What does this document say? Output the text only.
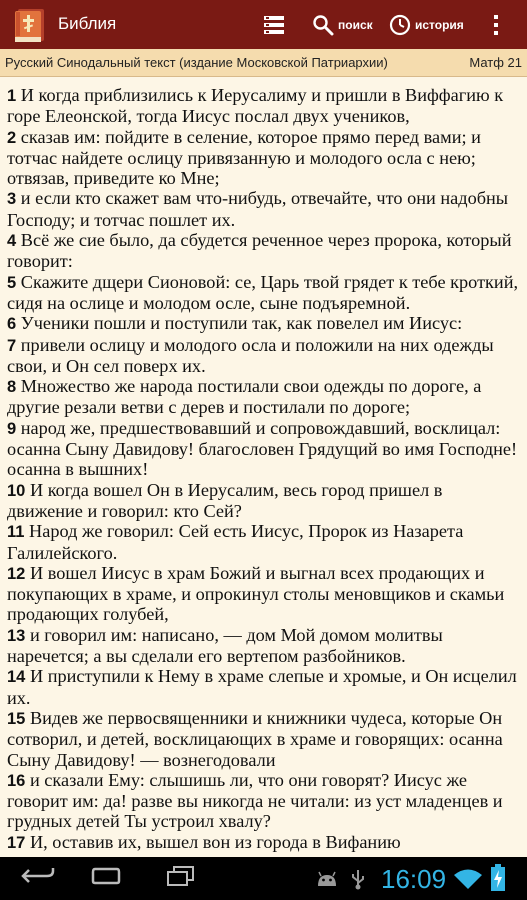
Библия	поиск	история
Русский Синодальный текст (издание Московской Патриархии)	Матф 21
1 И когда приблизились к Иерусалиму и пришли в Виффагию к горе Елеонской, тогда Иисус послал двух учеников,
2 сказав им: пойдите в селение, которое прямо перед вами; и тотчас найдете ослицу привязанную и молодого осла с нею; отвязав, приведите ко Мне;
3 и если кто скажет вам что-нибудь, отвечайте, что они надобны Господу; и тотчас пошлет их.
4 Всё же сие было, да сбудется реченное через пророка, который говорит:
5 Скажите дщери Сионовой: се, Царь твой грядет к тебе кроткий, сидя на ослице и молодом осле, сыне подъяремной.
6 Ученики пошли и поступили так, как повелел им Иисус:
7 привели ослицу и молодого осла и положили на них одежды свои, и Он сел поверх их.
8 Множество же народа постилали свои одежды по дороге, а другие резали ветви с дерев и постилали по дороге;
9 народ же, предшествовавший и сопровождавший, восклицал: осанна Сыну Давидову! благословен Грядущий во имя Господне! осанна в вышних!
10 И когда вошел Он в Иерусалим, весь город пришел в движение и говорил: кто Сей?
11 Народ же говорил: Сей есть Иисус, Пророк из Назарета Галилейского.
12 И вошел Иисус в храм Божий и выгнал всех продающих и покупающих в храме, и опрокинул столы меновщиков и скамьи продающих голубей,
13 и говорил им: написано, — дом Мой домом молитвы наречется; а вы сделали его вертепом разбойников.
14 И приступили к Нему в храме слепые и хромые, и Он исцелил их.
15 Видев же первосвященники и книжники чудеса, которые Он сотворил, и детей, восклицающих в храме и говорящих: осанна Сыну Давидову! — вознегодовали
16 и сказали Ему: слышишь ли, что они говорят? Иисус же говорит им: да! разве вы никогда не читали: из уст младенцев и грудных детей Ты устроил хвалу?
17 И, оставив их, вышел вон из города в Вифанию
16:09
